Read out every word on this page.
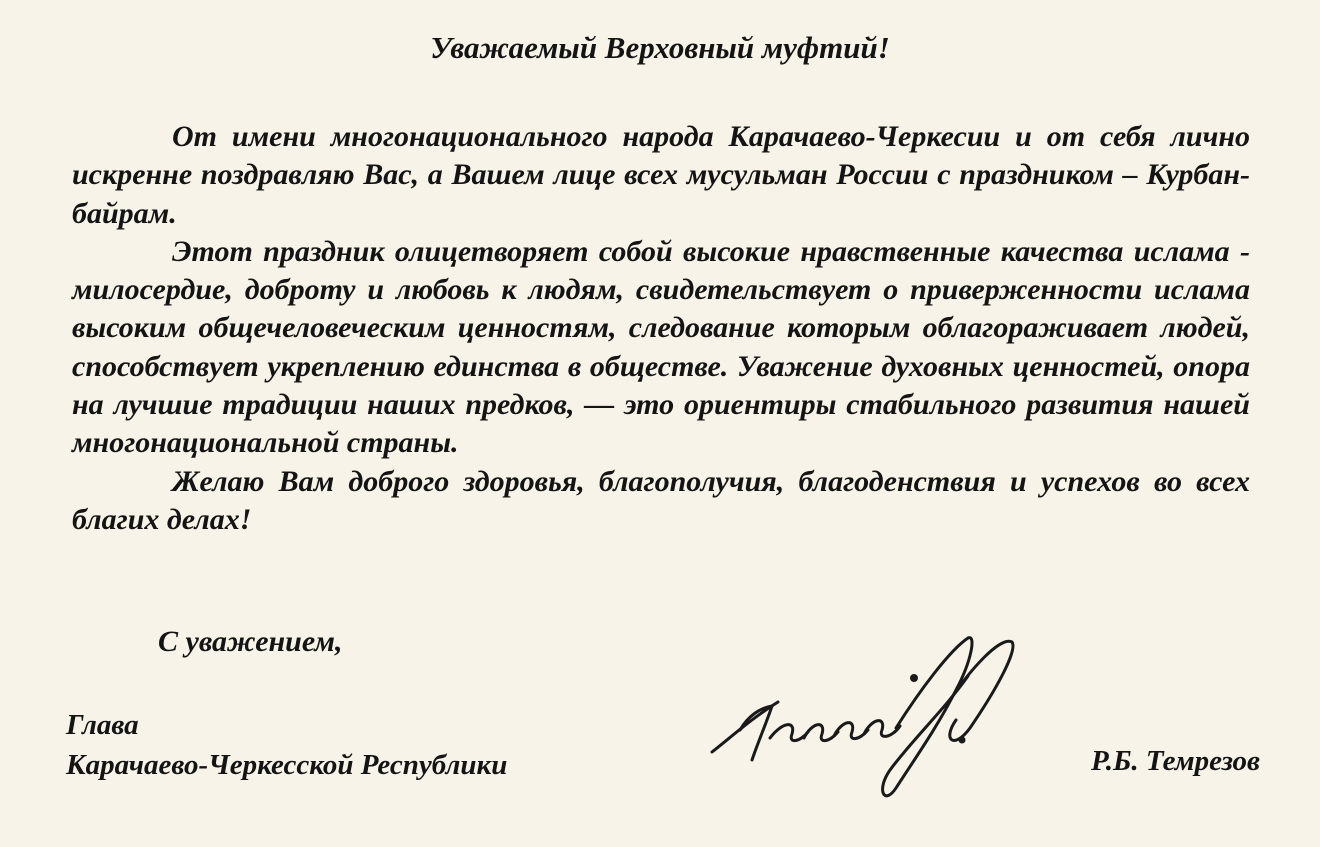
Уважаемый Верховный муфтий!

От имени многонационального народа Карачаево-Черкесии и от себя лично искренне поздравляю Вас, а Вашем лице всех мусульман России с праздником – Курбан-байрам.

Этот праздник олицетворяет собой высокие нравственные качества ислама - милосердие, доброту и любовь к людям, свидетельствует о приверженности ислама высоким общечеловеческим ценностям, следование которым облагораживает людей, способствует укреплению единства в обществе. Уважение духовных ценностей, опора на лучшие традиции наших предков, — это ориентиры стабильного развития нашей многонациональной страны.

Желаю Вам доброго здоровья, благополучия, благоденствия и успехов во всех благих делах!

С уважением,
Глава
Карачаево-Черкесской Республики	Р.Б. Темрезов
